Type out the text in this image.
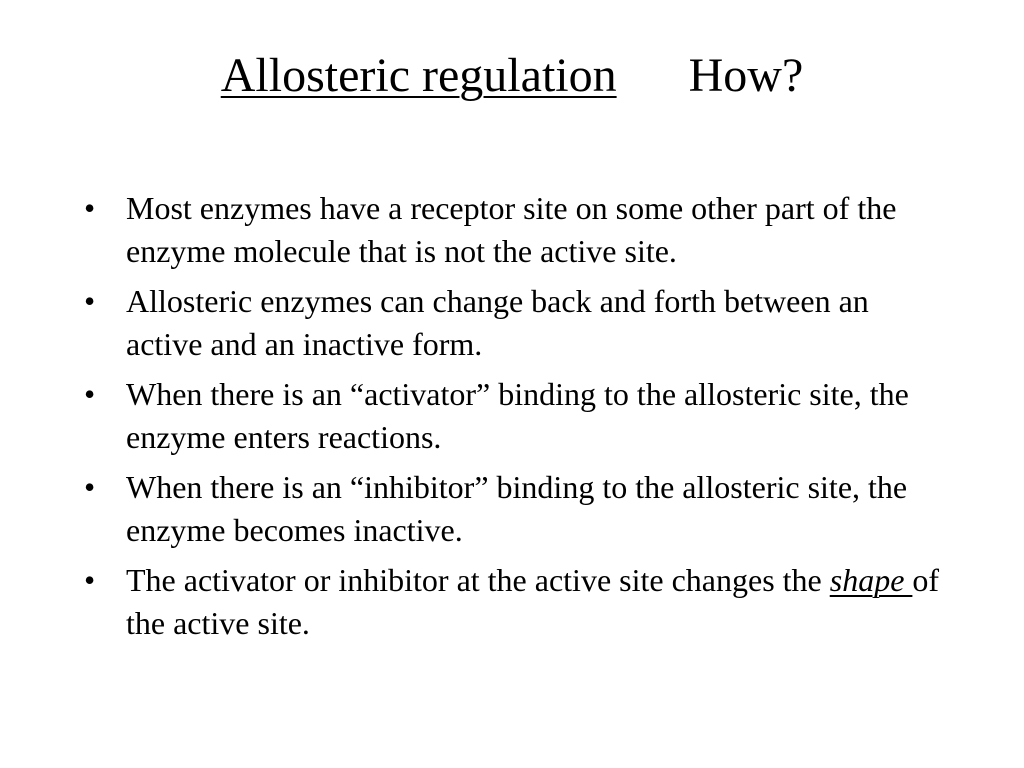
Allosteric regulation How?
• Most enzymes have a receptor site on some other part of the enzyme molecule that is not the active site.
• Allosteric enzymes can change back and forth between an active and an inactive form.
• When there is an “activator” binding to the allosteric site, the enzyme enters reactions.
• When there is an “inhibitor” binding to the allosteric site, the enzyme becomes inactive.
• The activator or inhibitor at the active site changes the shape of the active site.
